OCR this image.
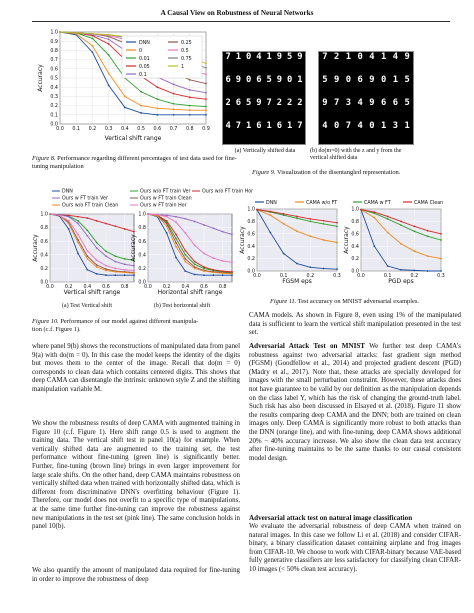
A Causal View on Robustness of Neural Networks
0.0
0.1
0.2
0.3
0.4
0.5
0.6
0.7
0.8
0.9
1.0
0.0 0.1 0.2 0.3 0.4 0.5 0.6 0.7 0.8 0.9
Vertical shift range
Accuracy
DNN
0
0.01
0.05
0.1
0.25
0.5
0.75
1
Figure 8. Performance regarding different percentages of test data used for fine-tuning manipulation
7 1 0 4 1 9 5 9
6 9 0 6 5 9 0 1
2 6 5 9 7 2 2 2
4 7 1 6 1 6 1 7
7 2 1 0 4 1 4 9
5 9 0 6 9 0 1 5
9 7 3 4 9 6 6 5
4 0 7 4 0 1 3 1
(a) Vertically shifted data	(b) do(m=0) with the z and y from the vertical shifted data
Figure 9. Visualization of the disentangled representation.
DNN	Ours w/o FT train Ver Ours w/o FT train Hor
Ours w FT train Ver	Ours w FT train Clean
Ours w/o FT train Clean	Ours w FT train Hor
0.0
0.2
0.4
0.6
0.8
1.0
0.0 0.2 0.4 0.6 0.8
Vertical shift range
Accuracy
0.0
0.2
0.4
0.6
0.8
1.0
0.0 0.2 0.4 0.6 0.8
Horizontal shift range
Accuracy
(a) Test Vertical shift	(b) Test horizontal shift
Figure 10. Performance of our model against different manipula-
tion (c.f. Figure 1).
DNN	CAMA w/o FT	CAMA w FT	CAMA Clean
0.0
0.2
0.4
0.6
0.8
1.0
0.0	0.1	0.2	0.3
FGSM eps
Accuracy
0.0
0.2
0.4
0.6
0.8
1.0
0.0	0.1	0.2	0.3
PGD eps
Accuracy
Figure 11. Test accuracy on MNIST adversarial examples.
where panel 9(b) shows the reconstructions of manipulated data from panel 9(a) with do(m = 0). In this case the model keeps the identity of the digits but moves them to the center of the image. Recall that do(m = 0) corresponds to clean data which contains centered digits. This shows that deep CAMA can disentangle the intrinsic unknown style Z and the shifting manipulation variable M.
We show the robustness results of deep CAMA with augmented training in Figure 10 (c.f. Figure 1). Here shift range 0.5 is used to augment the training data. The vertical shift test in panel 10(a) for example. When vertically shifted data are augmented to the training set, the test performance without fine-tuning (green line) is significantly better. Further, fine-tuning (brown line) brings in even larger improvement for large scale shifts. On the other hand, deep CAMA maintains robustness on vertically shifted data when trained with horizontally shifted data, which is different from discriminative DNN's overfitting behaviour (Figure 1). Therefore, our model does not overfit to a specific type of manipulations, at the same time further fine-tuning can improve the robustness against new manipulations in the test set (pink line). The same conclusion holds in panel 10(b).
We also quantify the amount of manipulated data required for fine-tuning in order to improve the robustness of deep
CAMA models. As shown in Figure 8, even using 1% of the manipulated data is sufficient to learn the vertical shift manipulation presented in the test set.
Adversarial Attack Test on MNIST We further test deep CAMA's robustness against two adversarial attacks: fast gradient sign method (FGSM) (Goodfellow et al., 2014) and projected gradient descent (PGD) (Madry et al., 2017). Note that, these attacks are specially developed for images with the small perturbation constraint. However, these attacks does not have guarantee to be valid by our definition as the manipulation depends on the class label Y, which has the risk of changing the ground-truth label. Such risk has also been discussed in Elsayed et al. (2018). Figure 11 show the results comparing deep CAMA and the DNN; both are trained on clean images only. Deep CAMA is significantly more robust to both attacks than the DNN (orange line), and with fine-tuning, deep CAMA shows additional 20% − 40% accuracy increase. We also show the clean data test accuracy after fine-tuning maintains to be the same thanks to our causal consistent model design.
Adversarial attack test on natural image classification
We evaluate the adversarial robustness of deep CAMA when trained on natural images. In this case we follow Li et al. (2018) and consider CIFAR-binary, a binary classification dataset containing airplane and frog images from CIFAR-10. We choose to work with CIFAR-binary because VAE-based fully generative classifiers are less satisfactory for classifying clean CIFAR-10 images (< 50% clean test accuracy).
